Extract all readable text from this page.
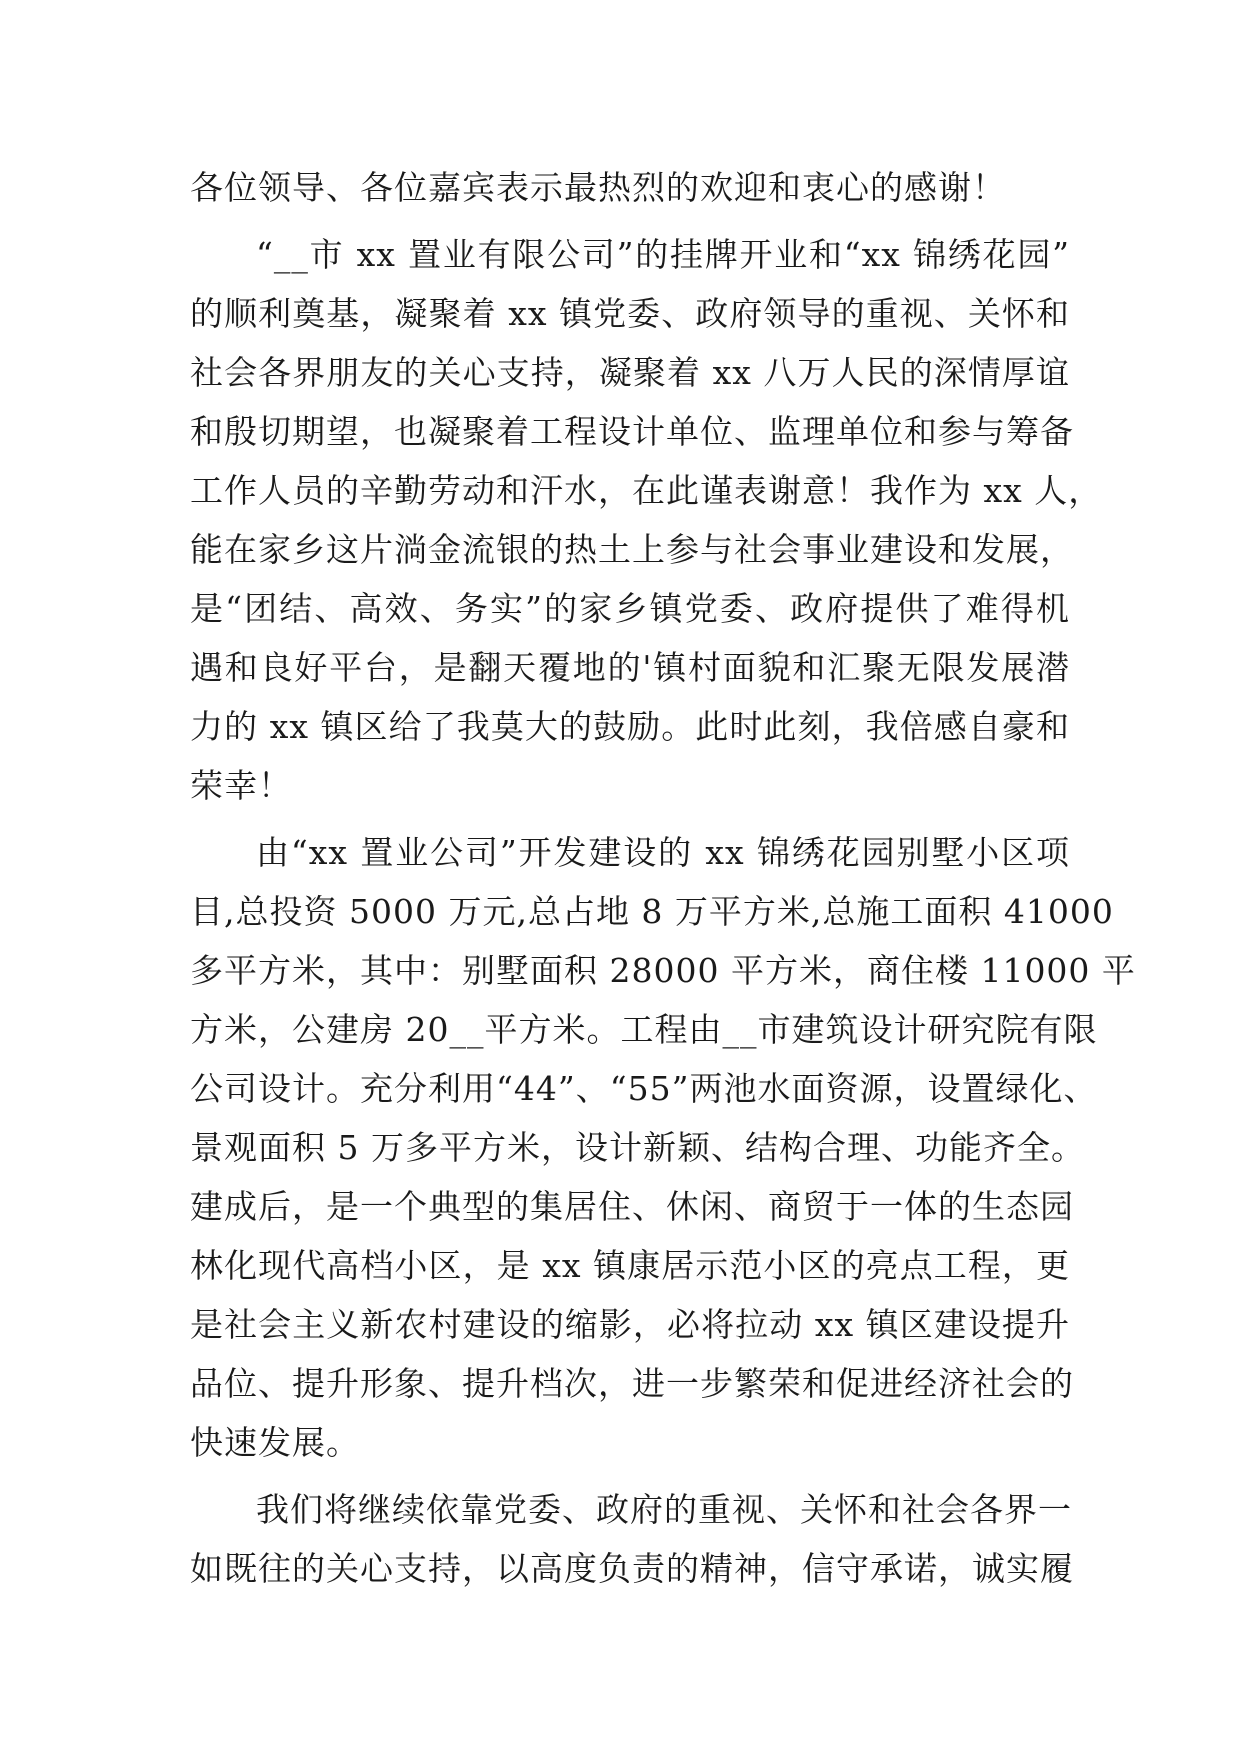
各位领导、各位嘉宾表示最热烈的欢迎和衷心的感谢！
“__市 xx 置业有限公司”的挂牌开业和“xx 锦绣花园”
的顺利奠基，凝聚着 xx 镇党委、政府领导的重视、关怀和
社会各界朋友的关心支持，凝聚着 xx 八万人民的深情厚谊
和殷切期望，也凝聚着工程设计单位、监理单位和参与筹备
工作人员的辛勤劳动和汗水，在此谨表谢意！我作为 xx 人，
能在家乡这片淌金流银的热土上参与社会事业建设和发展，
是“团结、高效、务实”的家乡镇党委、政府提供了难得机
遇和良好平台，是翻天覆地的'镇村面貌和汇聚无限发展潜
力的 xx 镇区给了我莫大的鼓励。此时此刻，我倍感自豪和
荣幸！
由“xx 置业公司”开发建设的 xx 锦绣花园别墅小区项
目,总投资 5000 万元,总占地 8 万平方米,总施工面积 41000
多平方米，其中：别墅面积 28000 平方米，商住楼 11000 平
方米，公建房 20__平方米。工程由__市建筑设计研究院有限
公司设计。充分利用“44”、“55”两池水面资源，设置绿化、
景观面积 5 万多平方米，设计新颖、结构合理、功能齐全。
建成后，是一个典型的集居住、休闲、商贸于一体的生态园
林化现代高档小区，是 xx 镇康居示范小区的亮点工程，更
是社会主义新农村建设的缩影，必将拉动 xx 镇区建设提升
品位、提升形象、提升档次，进一步繁荣和促进经济社会的
快速发展。
我们将继续依靠党委、政府的重视、关怀和社会各界一
如既往的关心支持，以高度负责的精神，信守承诺，诚实履
